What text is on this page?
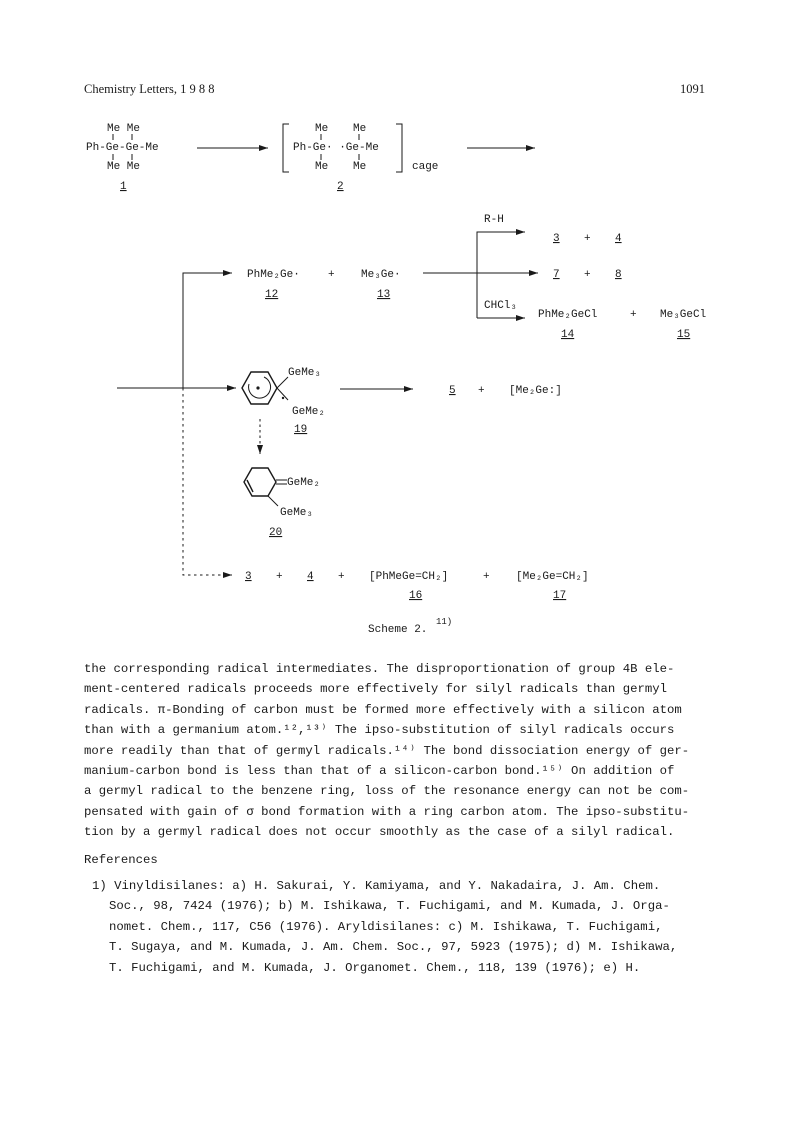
Chemistry Letters, 1 9 8 8	1091
Me Me
Ph-Ge-Ge-Me
Me Me
1
Me Me
Ph-Ge· ·Ge-Me
Me Me	cage
2
PhMe₂Ge·
12
+ Me₃Ge·
13
R-H
3 + 4
7 + 8
CHCl₃
PhMe₂GeCl
14
+ Me₃GeCl
15
GeMe₃
GeMe₂
19
5 + [Me₂Ge:]
GeMe₂
GeMe₃
20
3 + 4 + [PhMeGe=CH₂]
16
+ [Me₂Ge=CH₂]
17
Scheme 2.
11)

the corresponding radical intermediates. The disproportionation of group 4B ele-

ment-centered radicals proceeds more effectively for silyl radicals than germyl

radicals. π-Bonding of carbon must be formed more effectively with a silicon atom

than with a germanium atom.¹²,¹³⁾ The ipso-substitution of silyl radicals occurs

more readily than that of germyl radicals.¹⁴⁾ The bond dissociation energy of ger-

manium-carbon bond is less than that of a silicon-carbon bond.¹⁵⁾ On addition of

a germyl radical to the benzene ring, loss of the resonance energy can not be com-

pensated with gain of σ bond formation with a ring carbon atom. The ipso-substitu-

tion by a germyl radical does not occur smoothly as the case of a silyl radical.

References
1) Vinyldisilanes: a) H. Sakurai, Y. Kamiyama, and Y. Nakadaira, J. Am. Chem.
Soc., 98, 7424 (1976); b) M. Ishikawa, T. Fuchigami, and M. Kumada, J. Orga-
nomet. Chem., 117, C56 (1976). Aryldisilanes: c) M. Ishikawa, T. Fuchigami,
T. Sugaya, and M. Kumada, J. Am. Chem. Soc., 97, 5923 (1975); d) M. Ishikawa,
T. Fuchigami, and M. Kumada, J. Organomet. Chem., 118, 139 (1976); e) H.
